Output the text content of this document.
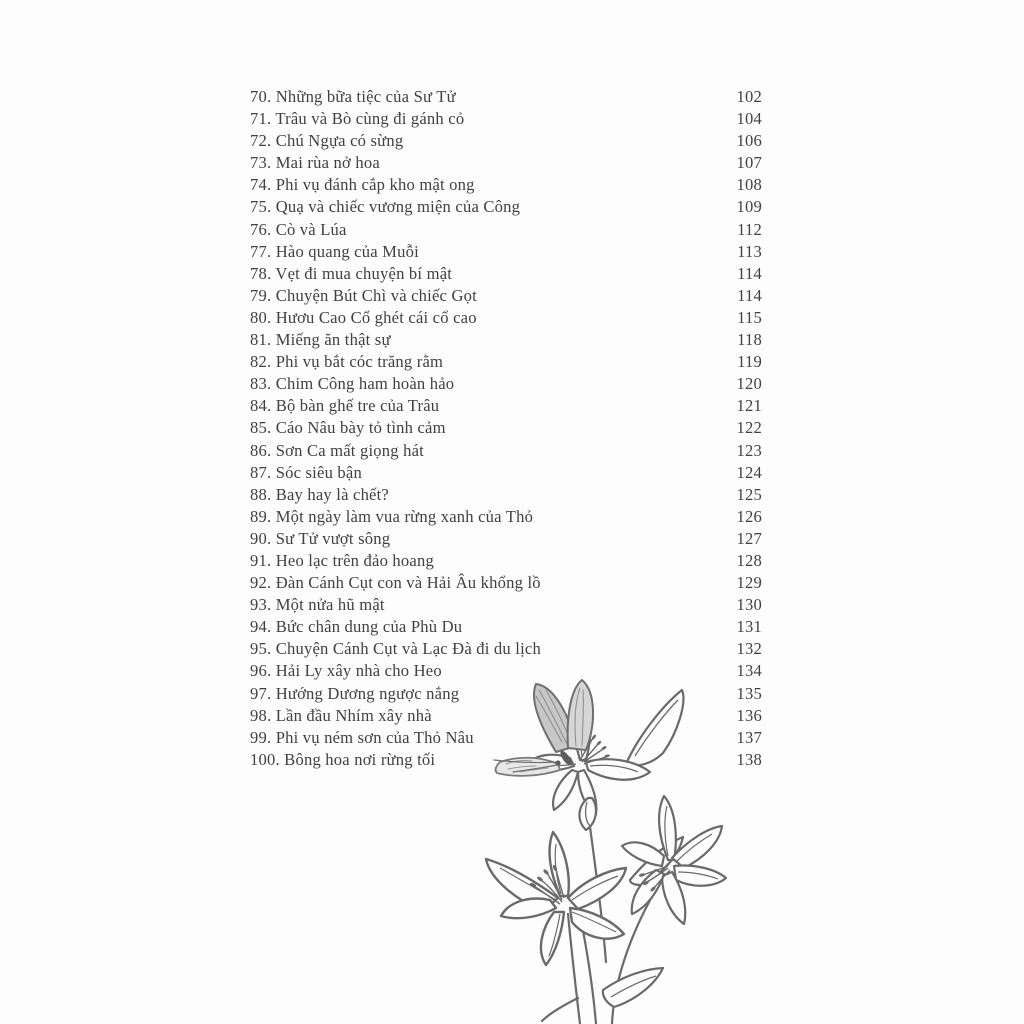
70. Những bữa tiệc của Sư Tử	102
71. Trâu và Bò cùng đi gánh cỏ	104
72. Chú Ngựa có sừng	106
73. Mai rùa nở hoa	107
74. Phi vụ đánh cắp kho mật ong	108
75. Quạ và chiếc vương miện của Công	109
76. Cò và Lúa	112
77. Hào quang của Muỗi	113
78. Vẹt đi mua chuyện bí mật	114
79. Chuyện Bút Chì và chiếc Gọt	114
80. Hươu Cao Cổ ghét cái cổ cao	115
81. Miếng ăn thật sự	118
82. Phi vụ bắt cóc trăng rằm	119
83. Chim Công ham hoàn hảo	120
84. Bộ bàn ghế tre của Trâu	121
85. Cáo Nâu bày tỏ tình cảm	122
86. Sơn Ca mất giọng hát	123
87. Sóc siêu bận	124
88. Bay hay là chết?	125
89. Một ngày làm vua rừng xanh của Thỏ	126
90. Sư Tử vượt sông	127
91. Heo lạc trên đảo hoang	128
92. Đàn Cánh Cụt con và Hải Âu khổng lồ	129
93. Một nửa hũ mật	130
94. Bức chân dung của Phù Du	131
95. Chuyện Cánh Cụt và Lạc Đà đi du lịch	132
96. Hải Ly xây nhà cho Heo	134
97. Hướng Dương ngược nắng	135
98. Lần đầu Nhím xây nhà	136
99. Phi vụ ném sơn của Thỏ Nâu	137
100. Bông hoa nơi rừng tối	138
